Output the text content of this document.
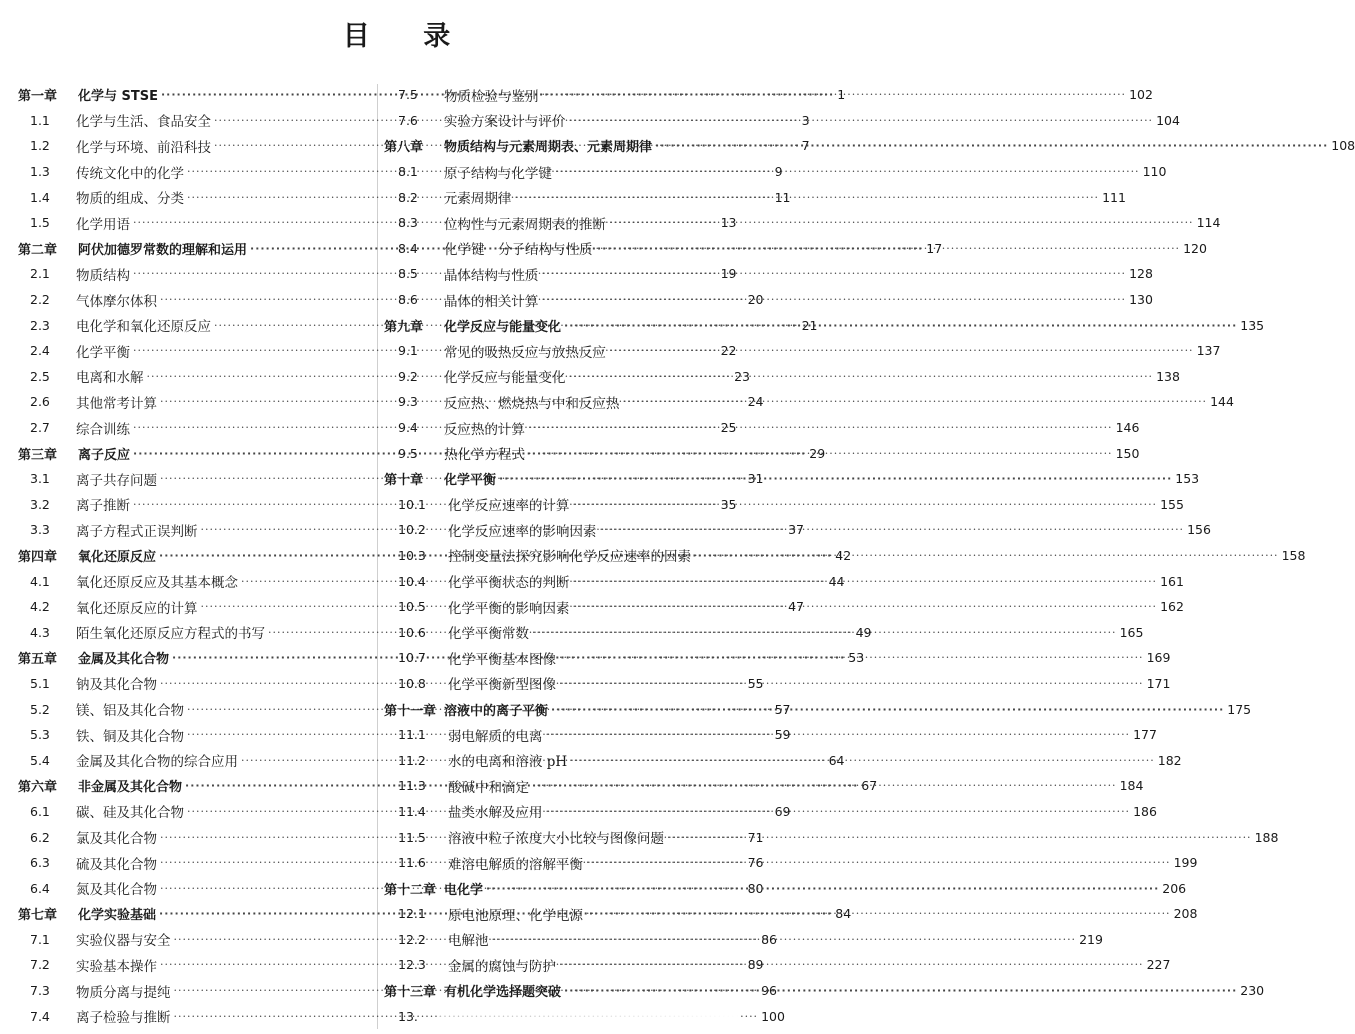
目 录
第一章	化学与 STSE ·····	1
1.1	化学与生活、食品安全 ·····	3
1.2	化学与环境、前沿科技 ·····	7
1.3	传统文化中的化学 ·····	9
1.4	物质的组成、分类 ·····	11
1.5	化学用语 ·····	13
第二章	阿伏加德罗常数的理解和运用 ·····	17
2.1	物质结构 ·····	19
2.2	气体摩尔体积 ·····	20
2.3	电化学和氧化还原反应 ·····	21
2.4	化学平衡 ·····	22
2.5	电离和水解 ·····	23
2.6	其他常考计算 ·····	24
2.7	综合训练 ·····	25
第三章	离子反应 ·····	29
3.1	离子共存问题 ·····	31
3.2	离子推断 ·····	35
3.3	离子方程式正误判断 ·····	37
第四章	氧化还原反应 ·····	42
4.1	氧化还原反应及其基本概念 ·····	44
4.2	氧化还原反应的计算 ·····	47
4.3	陌生氧化还原反应方程式的书写 ·····	49
第五章	金属及其化合物 ·····	53
5.1	钠及其化合物 ·····	55
5.2	镁、铝及其化合物 ·····	57
5.3	铁、铜及其化合物 ·····	59
5.4	金属及其化合物的综合应用 ·····	64
第六章	非金属及其化合物 ·····	67
6.1	碳、硅及其化合物 ·····	69
6.2	氯及其化合物 ·····	71
6.3	硫及其化合物 ·····	76
6.4	氮及其化合物 ·····	80
第七章	化学实验基础 ·····	84
7.1	实验仪器与安全 ·····	86
7.2	实验基本操作 ·····	89
7.3	物质分离与提纯 ·····	96
7.4	离子检验与推断 ·····	100
7.5	物质检验与鉴别 ·····	102
7.6	实验方案设计与评价 ·····	104
第八章	物质结构与元素周期表、元素周期律 ·····	108
8.1	原子结构与化学键 ·····	110
8.2	元素周期律 ·····	111
8.3	位构性与元素周期表的推断 ·····	114
8.4	化学键　分子结构与性质 ·····	120
8.5	晶体结构与性质 ·····	128
8.6	晶体的相关计算 ·····	130
第九章	化学反应与能量变化 ·····	135
9.1	常见的吸热反应与放热反应 ·····	137
9.2	化学反应与能量变化 ·····	138
9.3	反应热、燃烧热与中和反应热 ·····	144
9.4	反应热的计算 ·····	146
9.5	热化学方程式 ·····	150
第十章	化学平衡 ·····	153
10.1	化学反应速率的计算 ·····	155
10.2	化学反应速率的影响因素 ·····	156
10.3	控制变量法探究影响化学反应速率的因素 ·····	158
10.4	化学平衡状态的判断 ·····	161
10.5	化学平衡的影响因素 ·····	162
10.6	化学平衡常数 ·····	165
10.7	化学平衡基本图像 ·····	169
10.8	化学平衡新型图像 ·····	171
第十一章 溶液中的离子平衡 ·····	175
11.1	弱电解质的电离 ·····	177
11.2	水的电离和溶液 pH ·····	182
11.3	酸碱中和滴定 ·····	184
11.4	盐类水解及应用 ·····	186
11.5	溶液中粒子浓度大小比较与图像问题 ·····	188
11.6	难溶电解质的溶解平衡 ·····	199
第十二章 电化学 ·····	206
12.1	原电池原理、化学电源 ·····	208
12.2	电解池 ·····	219
12.3	金属的腐蚀与防护 ·····	227
第十三章 有机化学选择题突破 ·····	230
13.
